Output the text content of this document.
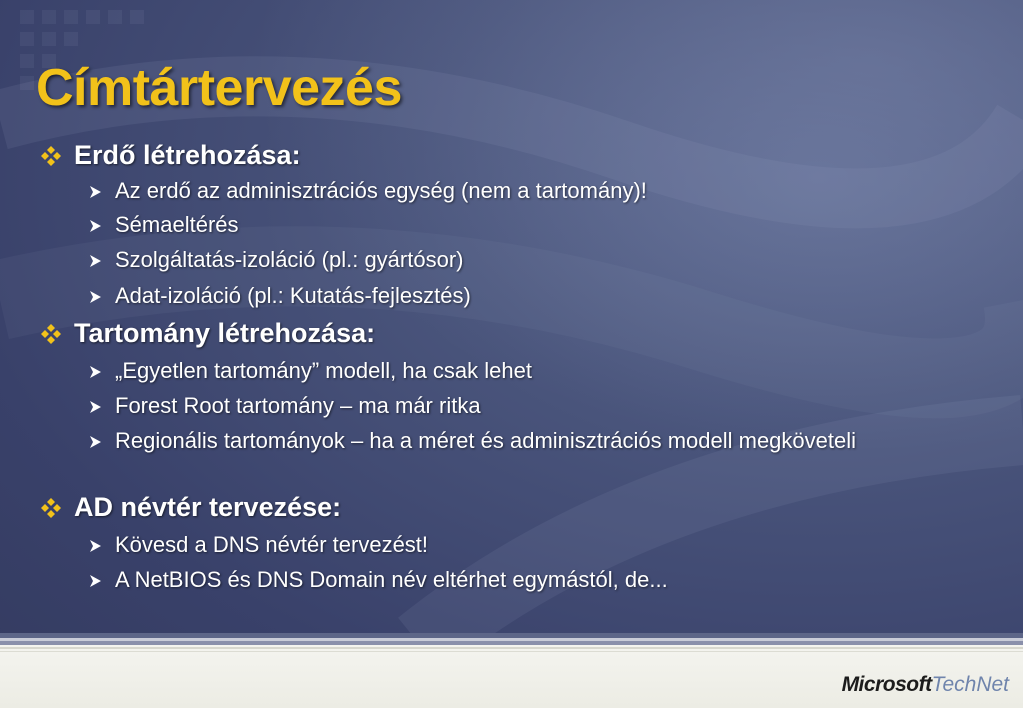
Címtártervezés
Erdő létrehozása:
Az erdő az adminisztrációs egység (nem a tartomány)!
Sémaeltérés
Szolgáltatás-izoláció (pl.: gyártósor)
Adat-izoláció (pl.: Kutatás-fejlesztés)
Tartomány létrehozása:
„Egyetlen tartomány” modell, ha csak lehet
Forest Root tartomány – ma már ritka
Regionális tartományok – ha a méret és adminisztrációs modell megköveteli
AD névtér tervezése:
Kövesd a DNS névtér tervezést!
A NetBIOS és DNS Domain név eltérhet egymástól, de...
MicrosoftTechNet
